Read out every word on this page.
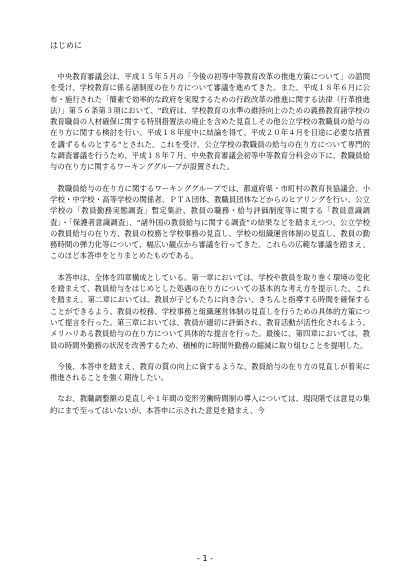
はじめに

中央教育審議会は、平成１５年５月の「今後の初等中等教育改革の推進方策について」の諮問を受け、学校教育に係る諸制度の在り方について審議を進めてきた。また、平成１８年６月に公布・施行された「簡素で効率的な政府を実現するための行政改革の推進に関する法律（行革推進法）」第５６条第３項において、“政府は、学校教育の水準の維持向上のための義務教育諸学校の教育職員の人材確保に関する特別措置法の廃止を含めた見直しその他公立学校の教職員の給与の在り方に関する検討を行い、平成１８年度中に結論を得て、平成２０年４月を目途に必要な措置を講ずるものとする”とされた。これを受け、公立学校の教職員の給与の在り方について専門的な調査審議を行うため、平成１８年７月、中央教育審議会初等中等教育分科会の下に、教職員給与の在り方に関するワーキンググループが設置された。

教職員給与の在り方に関するワーキンググループでは、都道府県・市町村の教育長協議会、小学校・中学校・高等学校の関係者、ＰＴＡ団体、教職員団体などからのヒアリングを行い、公立学校の「教員勤務実態調査」暫定集計、教員の職務・給与評価制度等に関する「教員意識調査」・「保護者意識調査」、“諸外国の教員給与に関する調査”の結果などを踏まえつつ、公立学校の教員給与の在り方、教員の校務と学校事務の見直し、学校の組織運営体制の見直し、教員の勤務時間の弾力化等について、幅広い観点から審議を行ってきた。これらの広範な審議を踏まえ、このほど本答申をとりまとめたものである。

本答申は、全体を四章構成としている。第一章においては、学校や教員を取り巻く環境の変化を踏まえて、教員給与をはじめとした処遇の在り方についての基本的な考え方を提示した。これを踏まえ、第二章においては、教員が子どもたちに向き合い、きちんと指導する時間を確保することができるよう、教員の校務、学校事務と組織運営体制の見直しを行うための具体的方策について提言を行った。第三章においては、教員が適切に評価され、教育活動が活性化されるよう、メリハリある教員給与の在り方について具体的な提言を行った。最後に、第四章においては、教員の時間外勤務の状況を改善するため、積極的に時間外勤務の縮減に取り組むことを提唱した。

今後、本答申を踏まえ、教育の質の向上に資するような、教員給与の在り方の見直しが着実に推進されることを強く期待したい。

なお、教職調整額の見直しや１年間の変形労働時間制の導入については、現段階では意見の集約にまで至ってはいないが、本答申に示された意見を踏まえ、今

- 1 -
